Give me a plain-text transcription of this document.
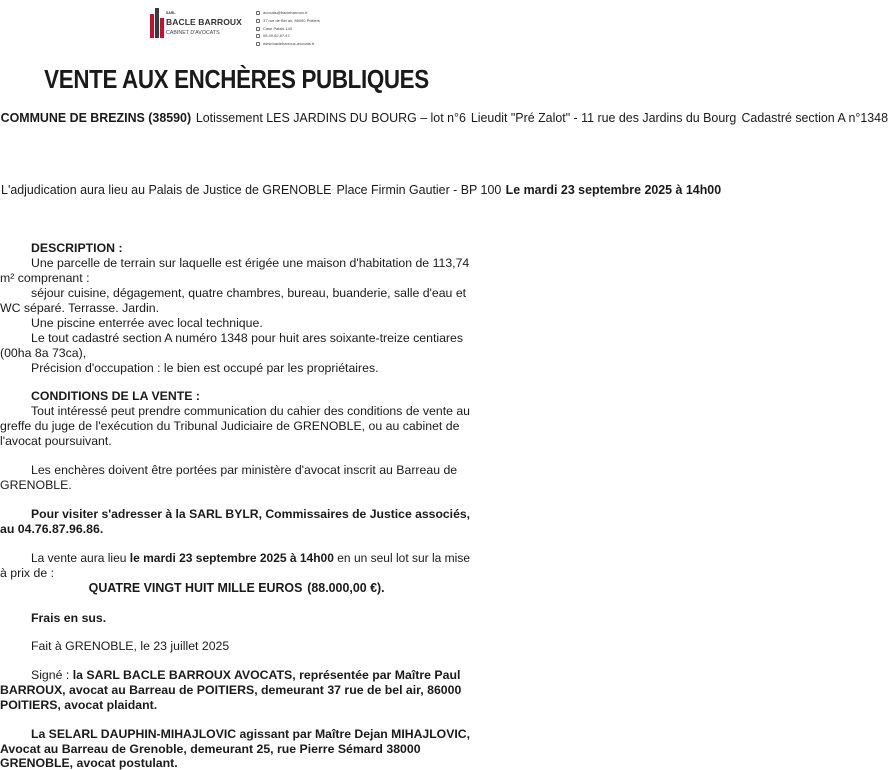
SARL
BACLE BARROUX
CABINET D'AVOCATS
avocats@baclebarroux.fr
37 rue de Bel air, 86000 Poitiers
Case Palais 140
05.49.62.87.47
www.baclebarroux-avocats.fr
VENTE AUX ENCHÈRES PUBLIQUES
COMMUNE DE BREZINS (38590) Lotissement LES JARDINS DU BOURG – lot n°6 Lieudit "Pré Zalot" - 11 rue des Jardins du Bourg Cadastré section A n°1348
L'adjudication aura lieu au Palais de Justice de GRENOBLE Place Firmin Gautier - BP 100 Le mardi 23 septembre 2025 à 14h00
DESCRIPTION :
Une parcelle de terrain sur laquelle est érigée une maison d'habitation de 113,74
m² comprenant :
séjour cuisine, dégagement, quatre chambres, bureau, buanderie, salle d'eau et
WC séparé. Terrasse. Jardin.
Une piscine enterrée avec local technique.
Le tout cadastré section A numéro 1348 pour huit ares soixante-treize centiares
(00ha 8a 73ca),
Précision d'occupation : le bien est occupé par les propriétaires.
CONDITIONS DE LA VENTE :
Tout intéressé peut prendre communication du cahier des conditions de vente au
greffe du juge de l'exécution du Tribunal Judiciaire de GRENOBLE, ou au cabinet de
l'avocat poursuivant.
Les enchères doivent être portées par ministère d'avocat inscrit au Barreau de
GRENOBLE.
Pour visiter s'adresser à la SARL BYLR, Commissaires de Justice associés,
au 04.76.87.96.86.
La vente aura lieu le mardi 23 septembre 2025 à 14h00 en un seul lot sur la mise
à prix de :
QUATRE VINGT HUIT MILLE EUROS (88.000,00 €).
Frais en sus.
Fait à GRENOBLE, le 23 juillet 2025
Signé : la SARL BACLE BARROUX AVOCATS, représentée par Maître Paul
BARROUX, avocat au Barreau de POITIERS, demeurant 37 rue de bel air, 86000
POITIERS, avocat plaidant.
La SELARL DAUPHIN-MIHAJLOVIC agissant par Maître Dejan MIHAJLOVIC,
Avocat au Barreau de Grenoble, demeurant 25, rue Pierre Sémard 38000
GRENOBLE, avocat postulant.
